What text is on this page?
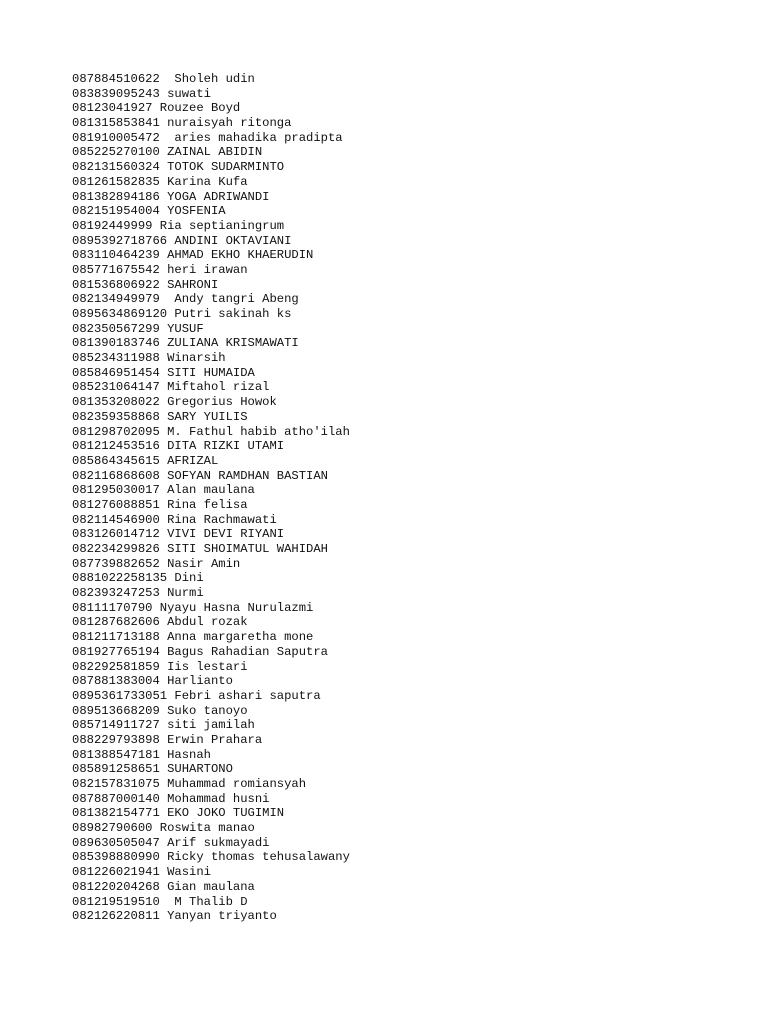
087884510622  Sholeh udin
083839095243 suwati
08123041927 Rouzee Boyd
081315853841 nuraisyah ritonga
081910005472  aries mahadika pradipta
085225270100 ZAINAL ABIDIN
082131560324 TOTOK SUDARMINTO
081261582835 Karina Kufa
081382894186 YOGA ADRIWANDI
082151954004 YOSFENIA
08192449999 Ria septianingrum
0895392718766 ANDINI OKTAVIANI
083110464239 AHMAD EKHO KHAERUDIN
085771675542 heri irawan
081536806922 SAHRONI
082134949979  Andy tangri Abeng
0895634869120 Putri sakinah ks
082350567299 YUSUF
081390183746 ZULIANA KRISMAWATI
085234311988 Winarsih
085846951454 SITI HUMAIDA
085231064147 Miftahol rizal
081353208022 Gregorius Howok
082359358868 SARY YUILIS
081298702095 M. Fathul habib atho'ilah
081212453516 DITA RIZKI UTAMI
085864345615 AFRIZAL
082116868608 SOFYAN RAMDHAN BASTIAN
081295030017 Alan maulana
081276088851 Rina felisa
082114546900 Rina Rachmawati
083126014712 VIVI DEVI RIYANI
082234299826 SITI SHOIMATUL WAHIDAH
087739882652 Nasir Amin
0881022258135 Dini
082393247253 Nurmi
08111170790 Nyayu Hasna Nurulazmi
081287682606 Abdul rozak
081211713188 Anna margaretha mone
081927765194 Bagus Rahadian Saputra
082292581859 Iis lestari
087881383004 Harlianto
0895361733051 Febri ashari saputra
089513668209 Suko tanoyo
085714911727 siti jamilah
088229793898 Erwin Prahara
081388547181 Hasnah
085891258651 SUHARTONO
082157831075 Muhammad romiansyah
087887000140 Mohammad husni
081382154771 EKO JOKO TUGIMIN
08982790600 Roswita manao
089630505047 Arif sukmayadi
085398880990 Ricky thomas tehusalawany
081226021941 Wasini
081220204268 Gian maulana
081219519510  M Thalib D
082126220811 Yanyan triyanto
